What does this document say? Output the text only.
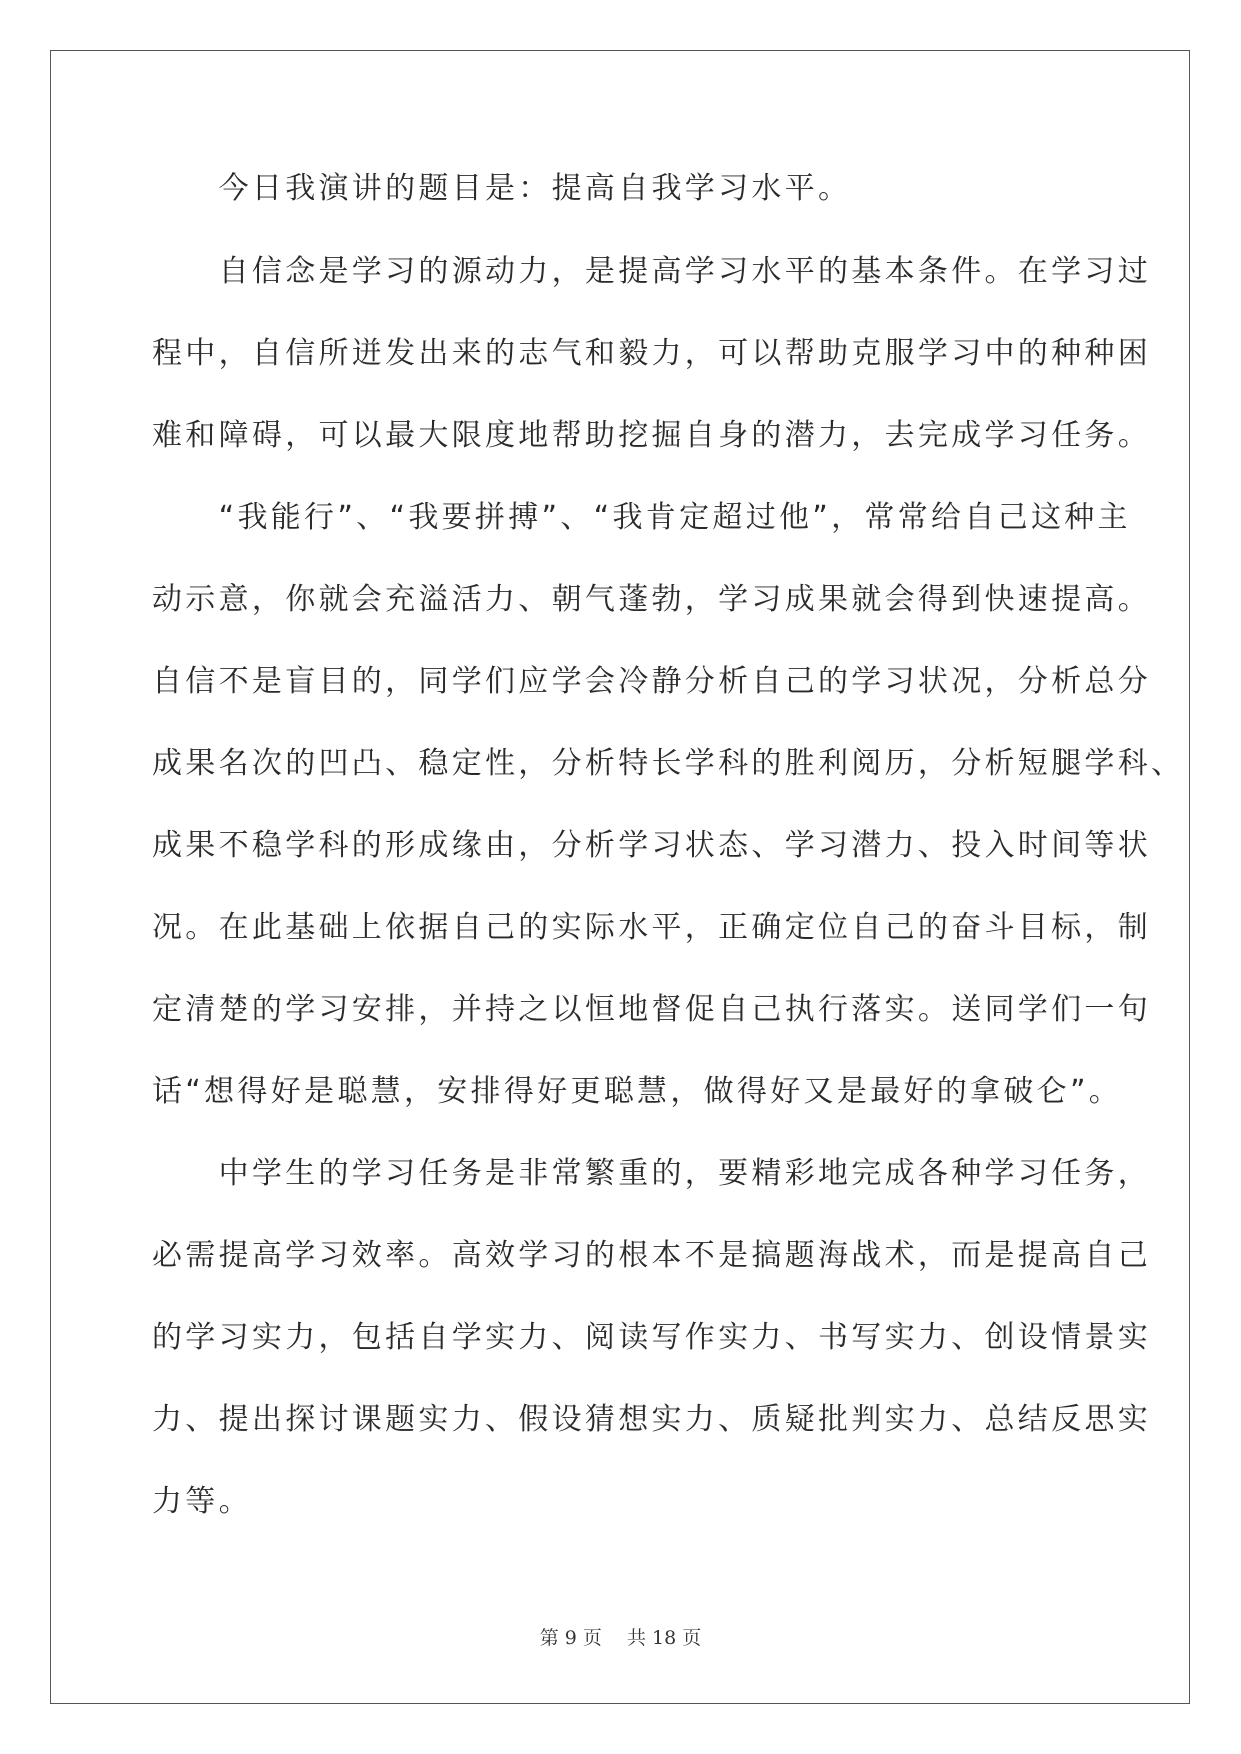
　　今日我演讲的题目是：提高自我学习水平。
　　自信念是学习的源动力，是提高学习水平的基本条件。在学习过
程中，自信所迸发出来的志气和毅力，可以帮助克服学习中的种种困
难和障碍，可以最大限度地帮助挖掘自身的潜力，去完成学习任务。
　　“我能行”、“我要拼搏”、“我肯定超过他”，常常给自己这种主
动示意，你就会充溢活力、朝气蓬勃，学习成果就会得到快速提高。
自信不是盲目的，同学们应学会冷静分析自己的学习状况，分析总分
成果名次的凹凸、稳定性，分析特长学科的胜利阅历，分析短腿学科、
成果不稳学科的形成缘由，分析学习状态、学习潜力、投入时间等状
况。在此基础上依据自己的实际水平，正确定位自己的奋斗目标，制
定清楚的学习安排，并持之以恒地督促自己执行落实。送同学们一句
话“想得好是聪慧，安排得好更聪慧，做得好又是最好的拿破仑”。
　　中学生的学习任务是非常繁重的，要精彩地完成各种学习任务，
必需提高学习效率。高效学习的根本不是搞题海战术，而是提高自己
的学习实力，包括自学实力、阅读写作实力、书写实力、创设情景实
力、提出探讨课题实力、假设猜想实力、质疑批判实力、总结反思实
力等。
第 9 页　 共 18 页
